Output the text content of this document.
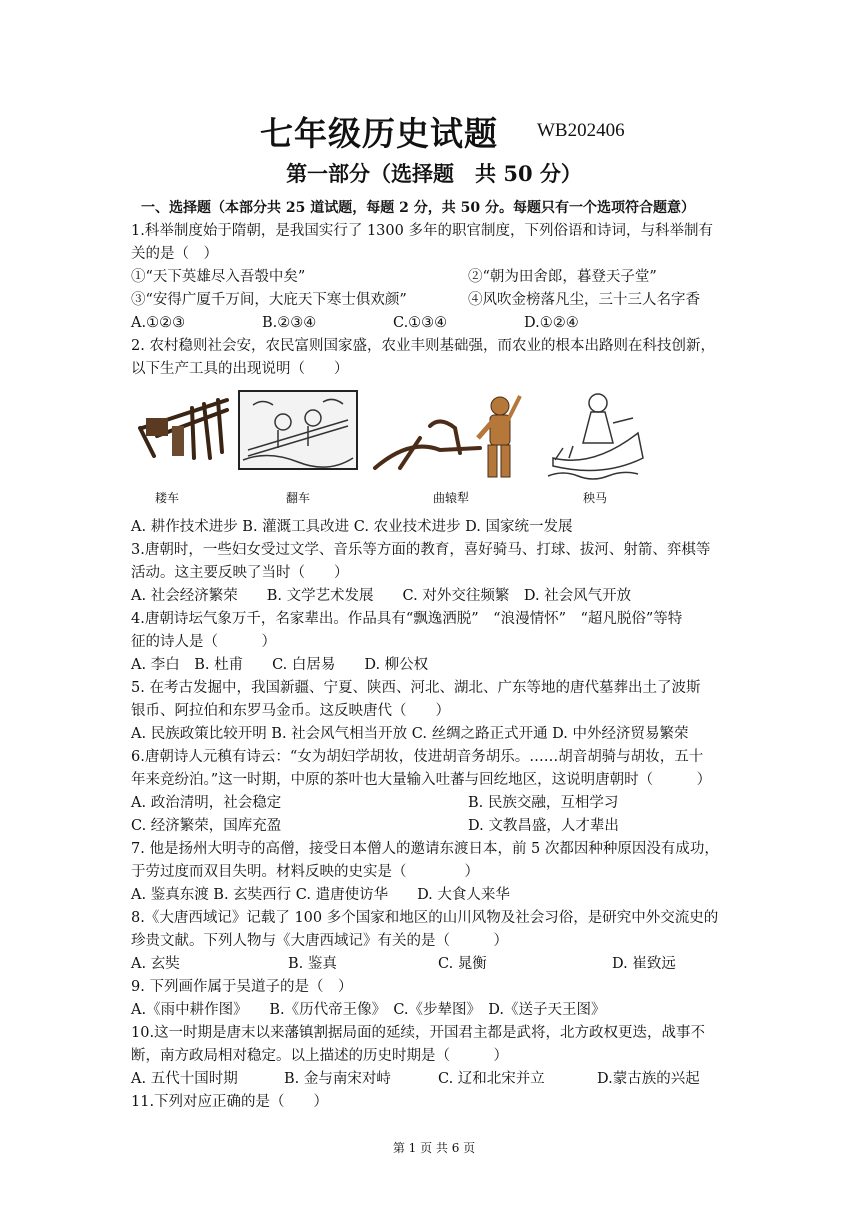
七年级历史试题 WB202406
第一部分（选择题　共 50 分）
一、选择题（本部分共 25 道试题，每题 2 分，共 50 分。每题只有一个选项符合题意）
1.科举制度始于隋朝，是我国实行了 1300 多年的职官制度，下列俗语和诗词，与科举制有
关的是（　）
①“天下英雄尽入吾彀中矣”	②“朝为田舍郎，暮登天子堂”
③“安得广厦千万间，大庇天下寒士俱欢颜”	④风吹金榜落凡尘，三十三人名字香
A.①②③	B.②③④	C.①③④	D.①②④
2. 农村稳则社会安，农民富则国家盛，农业丰则基础强，而农业的根本出路则在科技创新，
以下生产工具的出现说明（　　）
耧车	翻车	曲辕犁	秧马
A. 耕作技术进步 B. 灌溉工具改进 C. 农业技术进步 D. 国家统一发展
3.唐朝时，一些妇女受过文学、音乐等方面的教育，喜好骑马、打球、拔河、射箭、弈棋等
活动。这主要反映了当时（　　）
A. 社会经济繁荣　　B. 文学艺术发展　　C. 对外交往频繁　D. 社会风气开放
4.唐朝诗坛气象万千，名家辈出。作品具有“飘逸洒脱”　“浪漫情怀”　“超凡脱俗”等特
征的诗人是（　　　）
A. 李白　B. 杜甫　　C. 白居易　　D. 柳公权
5. 在考古发掘中，我国新疆、宁夏、陕西、河北、湖北、广东等地的唐代墓葬出土了波斯
银币、阿拉伯和东罗马金币。这反映唐代（　　）
A. 民族政策比较开明 B. 社会风气相当开放 C. 丝绸之路正式开通 D. 中外经济贸易繁荣
6.唐朝诗人元稹有诗云：“女为胡妇学胡妆，伎进胡音务胡乐。……胡音胡骑与胡妆，五十
年来竞纷泊。”这一时期，中原的茶叶也大量输入吐蕃与回纥地区，这说明唐朝时（　　　）
A. 政治清明，社会稳定	B. 民族交融，互相学习
C. 经济繁荣，国库充盈	D. 文教昌盛，人才辈出
7. 他是扬州大明寺的高僧，接受日本僧人的邀请东渡日本，前 5 次都因种种原因没有成功，
于劳过度而双目失明。材料反映的史实是（　　　　）
A. 鉴真东渡 B. 玄奘西行 C. 遣唐使访华　　D. 大食人来华
8.《大唐西域记》记载了 100 多个国家和地区的山川风物及社会习俗，是研究中外交流史的
珍贵文献。下列人物与《大唐西域记》有关的是（　　　）
A. 玄奘	B. 鉴真	C. 晁衡	D. 崔致远
9. 下列画作属于吴道子的是（　）
A.《雨中耕作图》　　B.《历代帝王像》　C.《步辇图》　D.《送子天王图》
10.这一时期是唐末以来藩镇割据局面的延续，开国君主都是武将，北方政权更迭，战事不
断，南方政局相对稳定。以上描述的历史时期是（　　　）
A. 五代十国时期	B. 金与南宋对峙	C. 辽和北宋并立	D.蒙古族的兴起
11.下列对应正确的是（　　）
第 1 页 共 6 页
